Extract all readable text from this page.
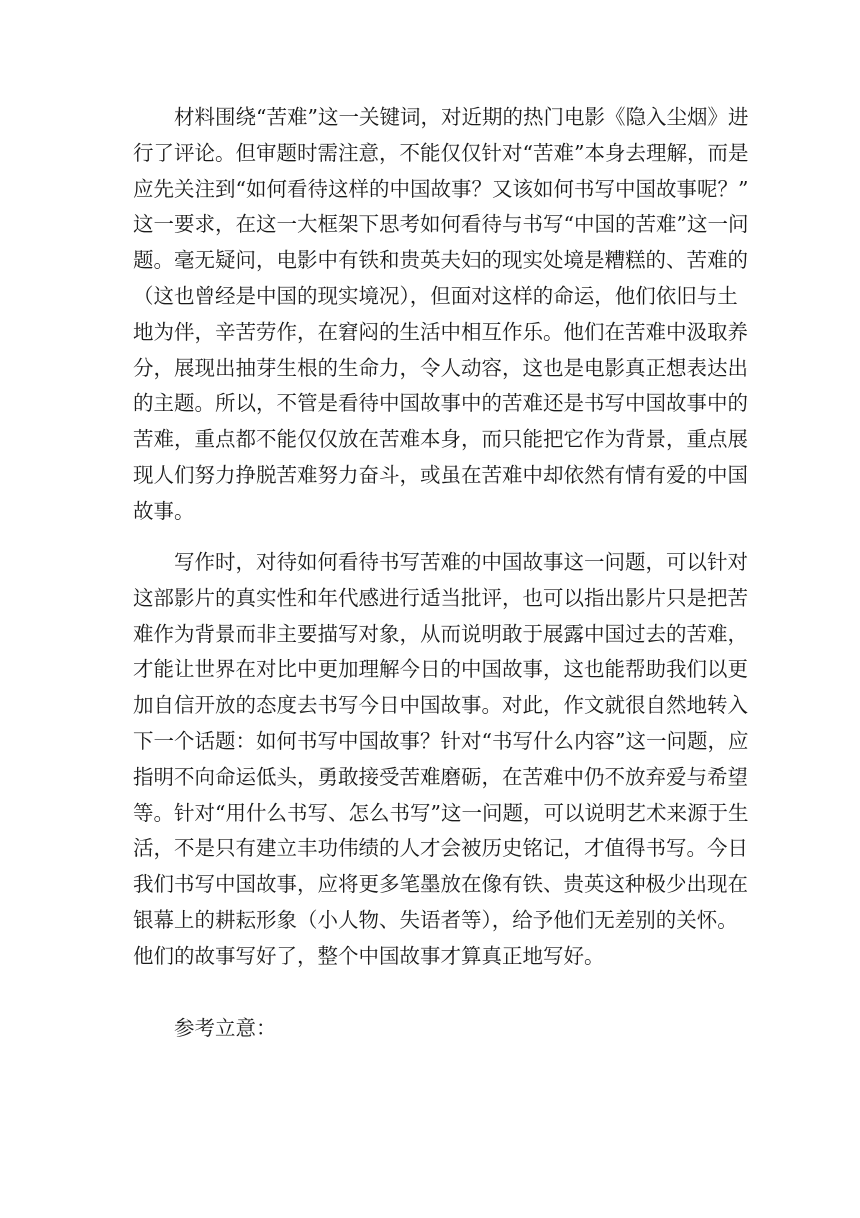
材料围绕“苦难”这一关键词，对近期的热门电影《隐入尘烟》进
行了评论。但审题时需注意，不能仅仅针对“苦难”本身去理解，而是
应先关注到“如何看待这样的中国故事？又该如何书写中国故事呢？”
这一要求，在这一大框架下思考如何看待与书写“中国的苦难”这一问
题。毫无疑问，电影中有铁和贵英夫妇的现实处境是糟糕的、苦难的
（这也曾经是中国的现实境况），但面对这样的命运，他们依旧与土
地为伴，辛苦劳作，在窘闷的生活中相互作乐。他们在苦难中汲取养
分，展现出抽芽生根的生命力，令人动容，这也是电影真正想表达出
的主题。所以，不管是看待中国故事中的苦难还是书写中国故事中的
苦难，重点都不能仅仅放在苦难本身，而只能把它作为背景，重点展
现人们努力挣脱苦难努力奋斗，或虽在苦难中却依然有情有爱的中国
故事。
写作时，对待如何看待书写苦难的中国故事这一问题，可以针对
这部影片的真实性和年代感进行适当批评，也可以指出影片只是把苦
难作为背景而非主要描写对象，从而说明敢于展露中国过去的苦难，
才能让世界在对比中更加理解今日的中国故事，这也能帮助我们以更
加自信开放的态度去书写今日中国故事。对此，作文就很自然地转入
下一个话题：如何书写中国故事？针对“书写什么内容”这一问题，应
指明不向命运低头，勇敢接受苦难磨砺，在苦难中仍不放弃爱与希望
等。针对“用什么书写、怎么书写”这一问题，可以说明艺术来源于生
活，不是只有建立丰功伟绩的人才会被历史铭记，才值得书写。今日
我们书写中国故事，应将更多笔墨放在像有铁、贵英这种极少出现在
银幕上的耕耘形象（小人物、失语者等），给予他们无差别的关怀。
他们的故事写好了，整个中国故事才算真正地写好。
参考立意：
